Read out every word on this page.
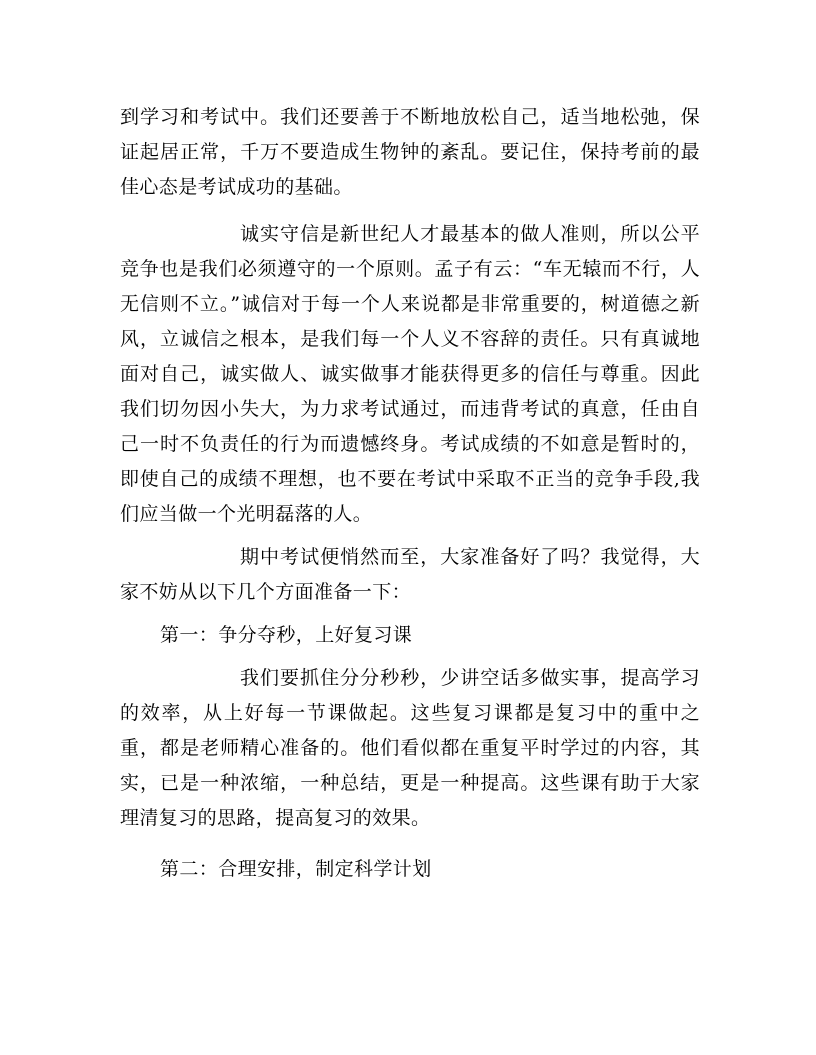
到学习和考试中。我们还要善于不断地放松自己，适当地松弛，保证起居正常，千万不要造成生物钟的紊乱。要记住，保持考前的最佳心态是考试成功的基础。

诚实守信是新世纪人才最基本的做人准则，所以公平竞争也是我们必须遵守的一个原则。孟子有云：“车无辕而不行，人无信则不立。”诚信对于每一个人来说都是非常重要的，树道德之新风，立诚信之根本，是我们每一个人义不容辞的责任。只有真诚地面对自己，诚实做人、诚实做事才能获得更多的信任与尊重。因此我们切勿因小失大，为力求考试通过，而违背考试的真意，任由自己一时不负责任的行为而遗憾终身。考试成绩的不如意是暂时的，即使自己的成绩不理想，也不要在考试中采取不正当的竞争手段,我们应当做一个光明磊落的人。

期中考试便悄然而至，大家准备好了吗？我觉得，大家不妨从以下几个方面准备一下：

第一：争分夺秒，上好复习课

我们要抓住分分秒秒，少讲空话多做实事，提高学习的效率，从上好每一节课做起。这些复习课都是复习中的重中之重，都是老师精心准备的。他们看似都在重复平时学过的内容，其实，已是一种浓缩，一种总结，更是一种提高。这些课有助于大家理清复习的思路，提高复习的效果。

第二：合理安排，制定科学计划
